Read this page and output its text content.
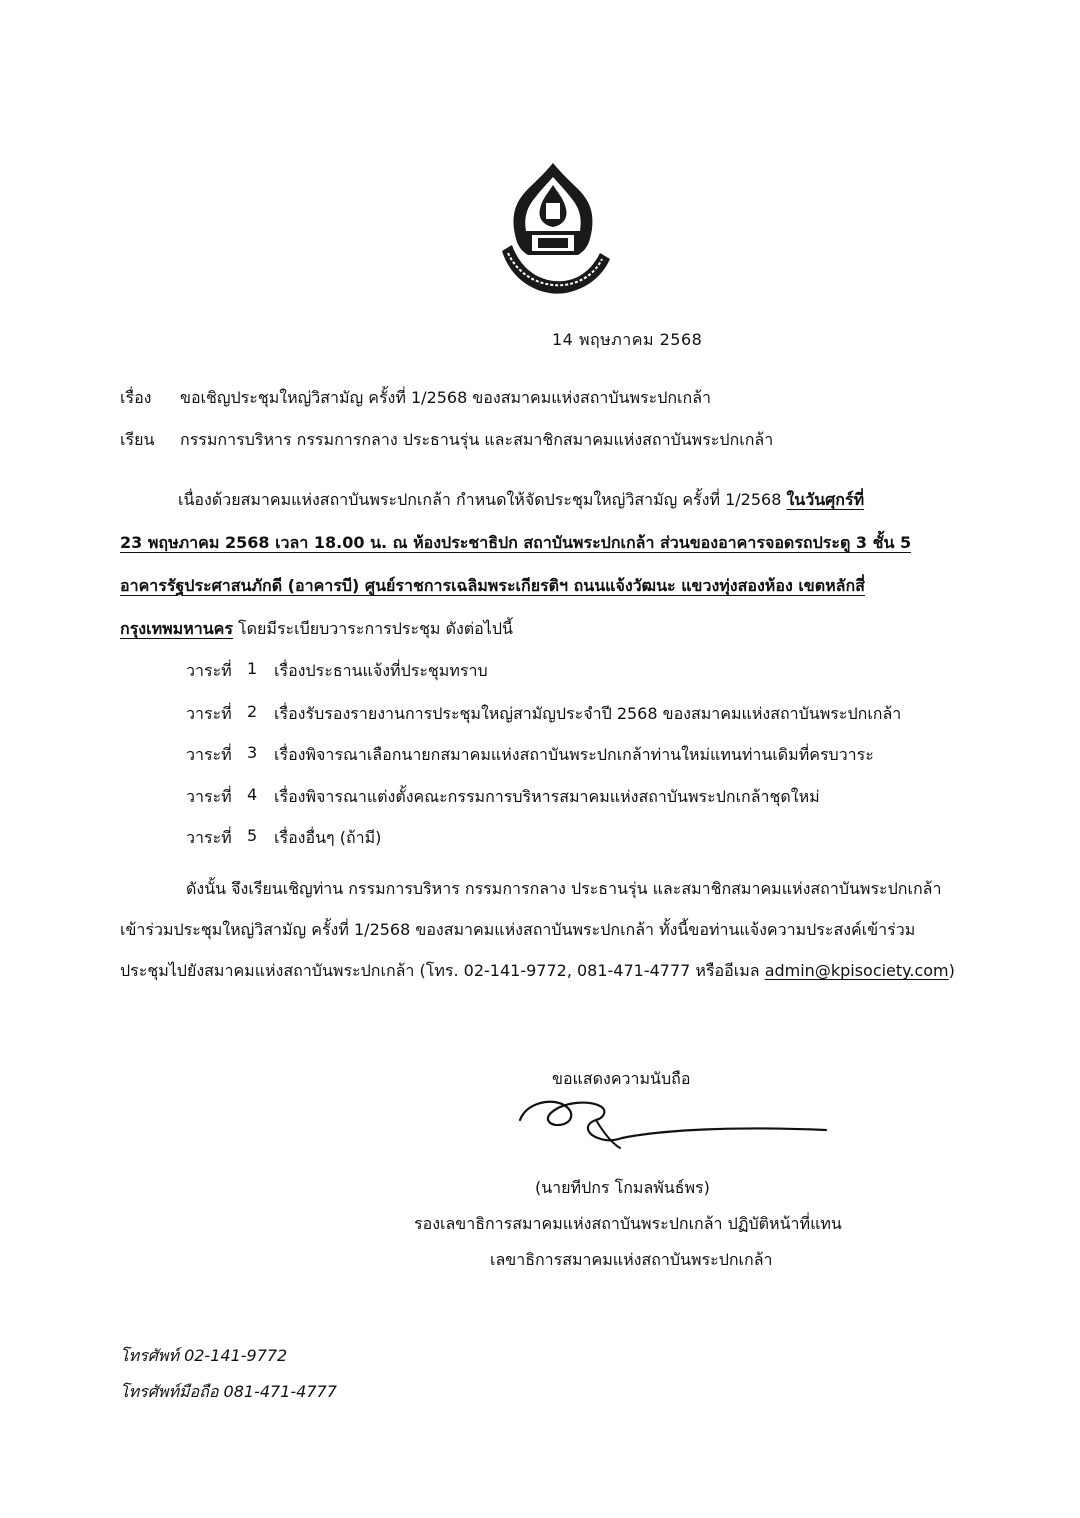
14 พฤษภาคม 2568
เรื่อง ขอเชิญประชุมใหญ่วิสามัญ ครั้งที่ 1/2568 ของสมาคมแห่งสถาบันพระปกเกล้า
เรียน กรรมการบริหาร กรรมการกลาง ประธานรุ่น และสมาชิกสมาคมแห่งสถาบันพระปกเกล้า
เนื่องด้วยสมาคมแห่งสถาบันพระปกเกล้า กำหนดให้จัดประชุมใหญ่วิสามัญ ครั้งที่ 1/2568 ในวันศุกร์ที่
23 พฤษภาคม 2568 เวลา 18.00 น. ณ ห้องประชาธิปก สถาบันพระปกเกล้า ส่วนของอาคารจอดรถประตู 3 ชั้น 5
อาคารรัฐประศาสนภักดี (อาคารบี) ศูนย์ราชการเฉลิมพระเกียรติฯ ถนนแจ้งวัฒนะ แขวงทุ่งสองห้อง เขตหลักสี่
กรุงเทพมหานคร โดยมีระเบียบวาระการประชุม ดังต่อไปนี้
วาระที่ 1 เรื่องประธานแจ้งที่ประชุมทราบ
วาระที่ 2 เรื่องรับรองรายงานการประชุมใหญ่สามัญประจำปี 2568 ของสมาคมแห่งสถาบันพระปกเกล้า
วาระที่ 3 เรื่องพิจารณาเลือกนายกสมาคมแห่งสถาบันพระปกเกล้าท่านใหม่แทนท่านเดิมที่ครบวาระ
วาระที่ 4 เรื่องพิจารณาแต่งตั้งคณะกรรมการบริหารสมาคมแห่งสถาบันพระปกเกล้าชุดใหม่
วาระที่ 5 เรื่องอื่นๆ (ถ้ามี)
ดังนั้น จึงเรียนเชิญท่าน กรรมการบริหาร กรรมการกลาง ประธานรุ่น และสมาชิกสมาคมแห่งสถาบันพระปกเกล้า
เข้าร่วมประชุมใหญ่วิสามัญ ครั้งที่ 1/2568 ของสมาคมแห่งสถาบันพระปกเกล้า ทั้งนี้ขอท่านแจ้งความประสงค์เข้าร่วม
ประชุมไปยังสมาคมแห่งสถาบันพระปกเกล้า (โทร. 02-141-9772, 081-471-4777 หรืออีเมล admin@kpisociety.com)
ขอแสดงความนับถือ
(นายทีปกร โกมลพันธ์พร)
รองเลขาธิการสมาคมแห่งสถาบันพระปกเกล้า ปฏิบัติหน้าที่แทน
เลขาธิการสมาคมแห่งสถาบันพระปกเกล้า
โทรศัพท์ 02-141-9772
โทรศัพท์มือถือ 081-471-4777
